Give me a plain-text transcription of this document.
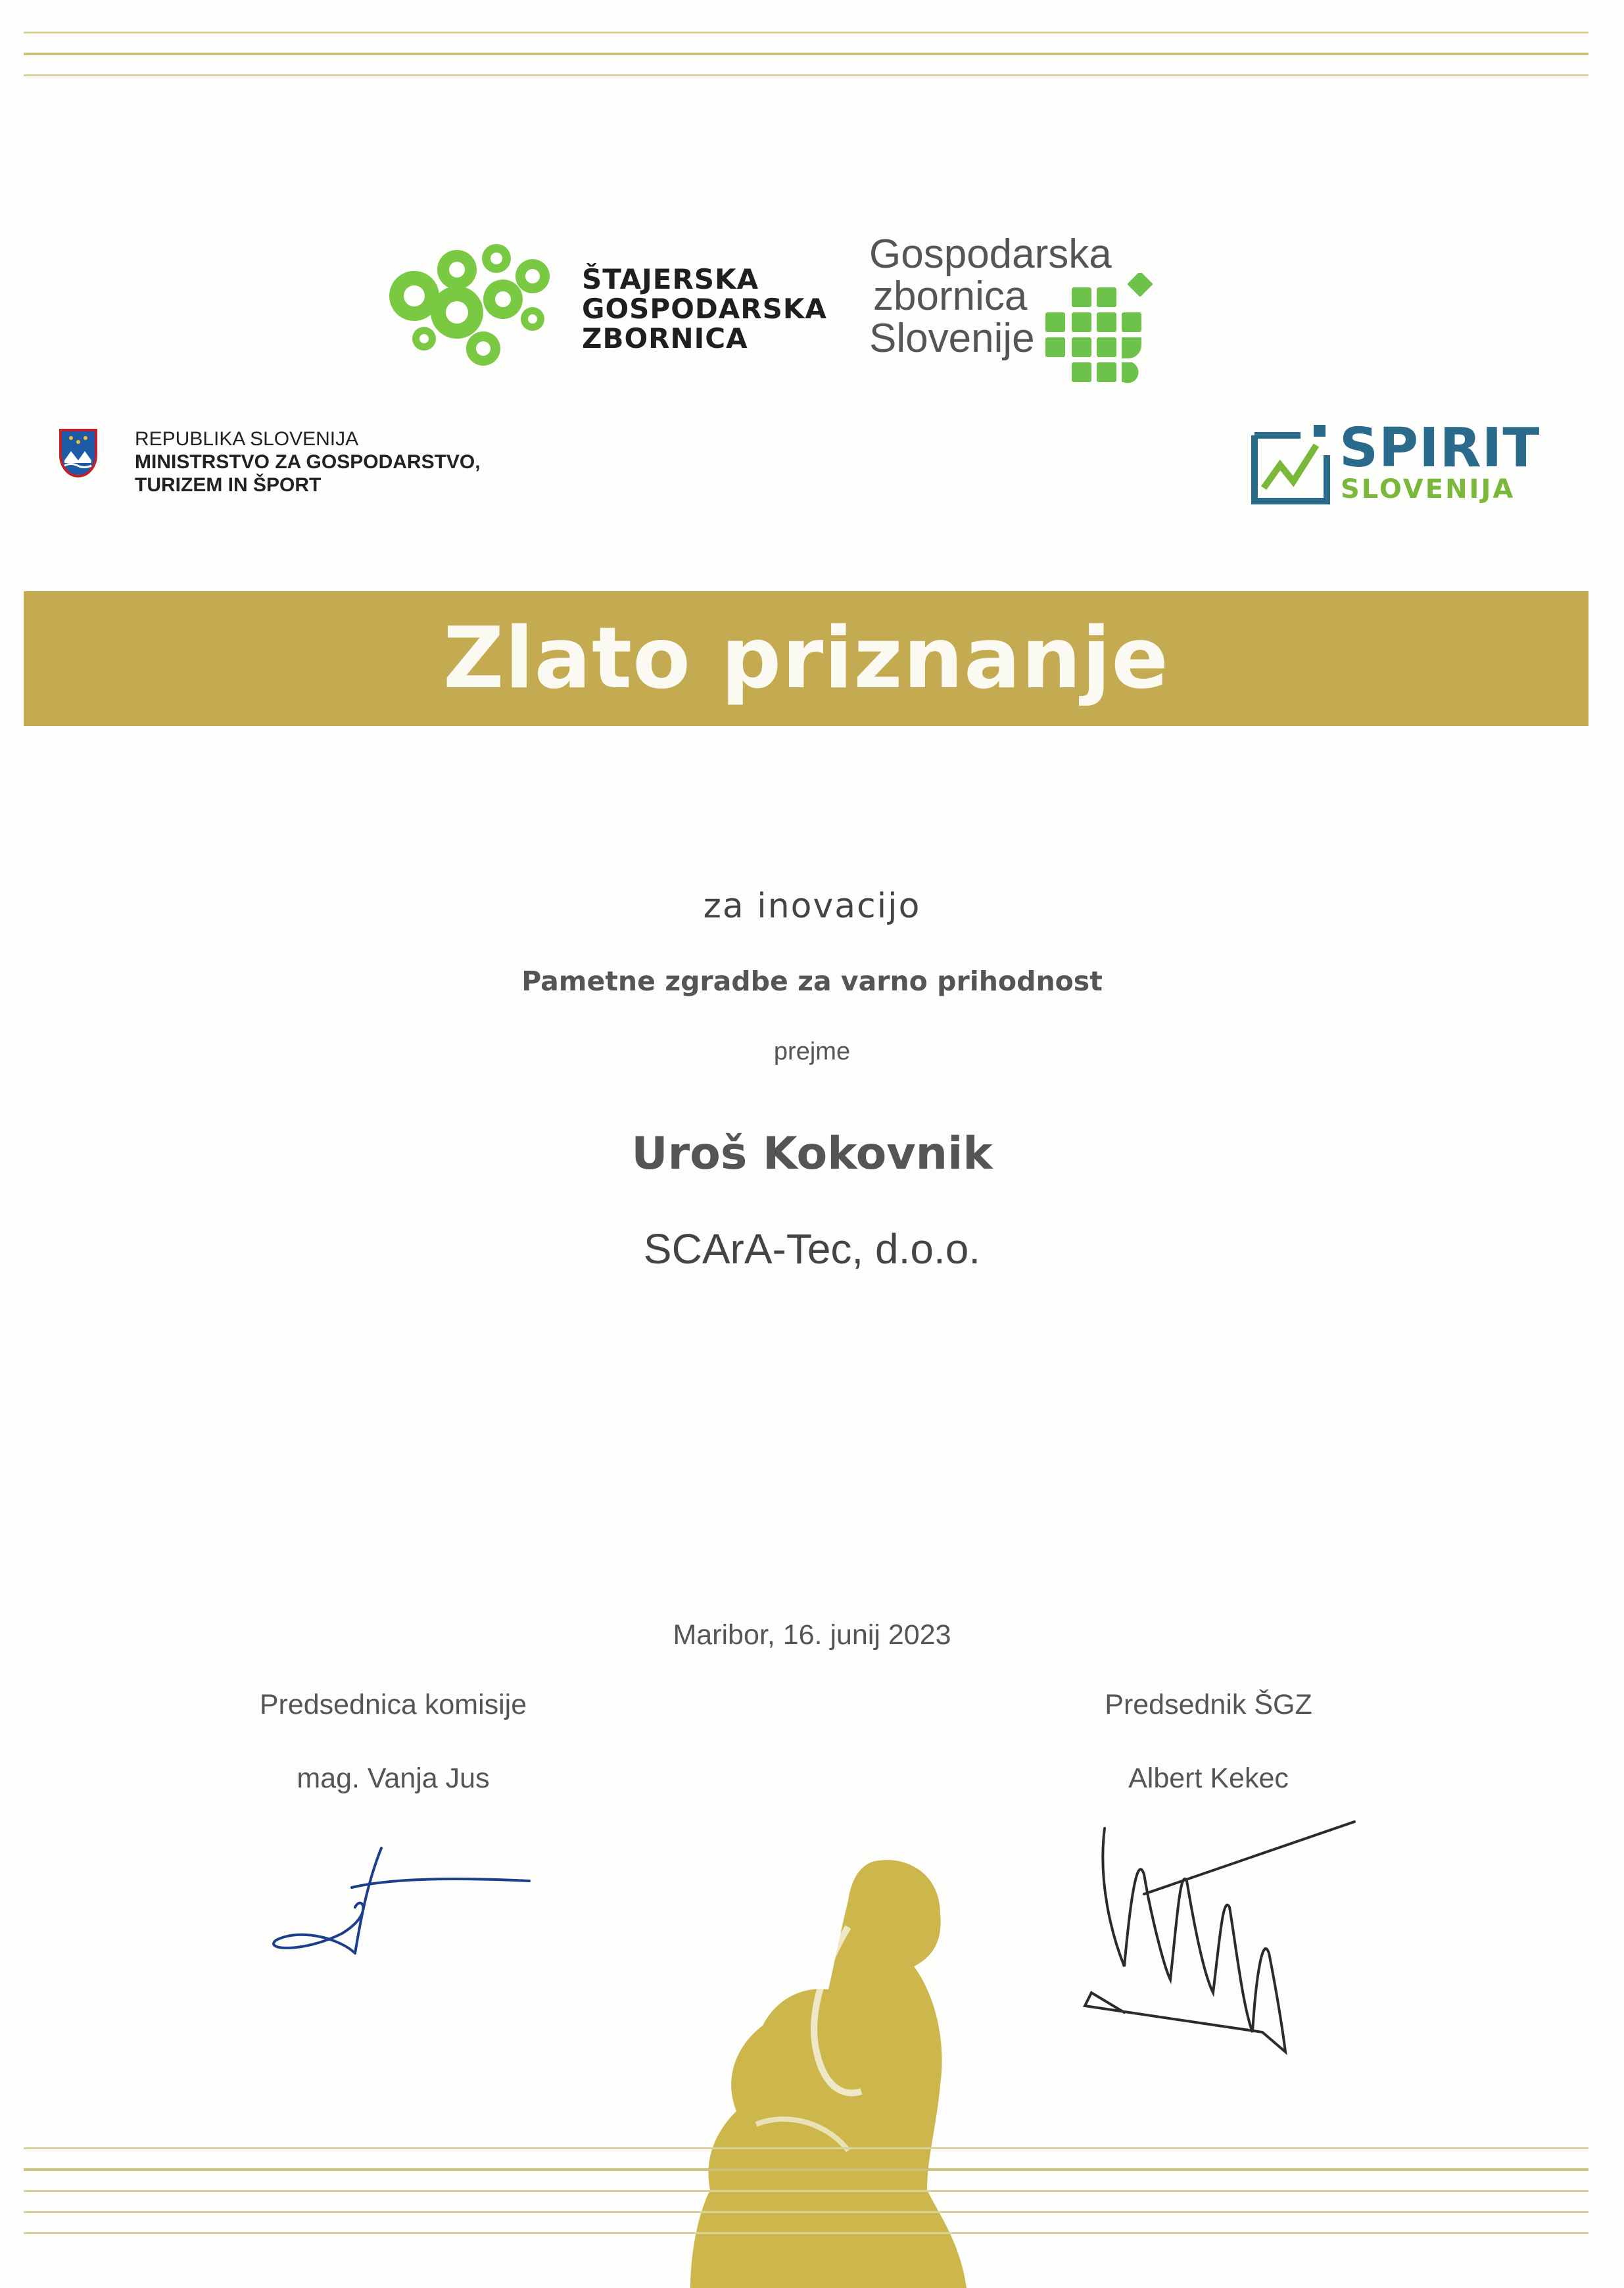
ŠTAJERSKA
GOSPODARSKA
ZBORNICA
Gospodarska
zbornica
Slovenije
REPUBLIKA SLOVENIJA
MINISTRSTVO ZA GOSPODARSTVO,
TURIZEM IN ŠPORT
SPIRIT
SLOVENIJA
Zlato priznanje
za inovacijo
Pametne zgradbe za varno prihodnost
prejme
Uroš Kokovnik
SCArA-Tec, d.o.o.
Maribor, 16. junij 2023
Predsednica komisije
mag. Vanja Jus
Predsednik ŠGZ
Albert Kekec
